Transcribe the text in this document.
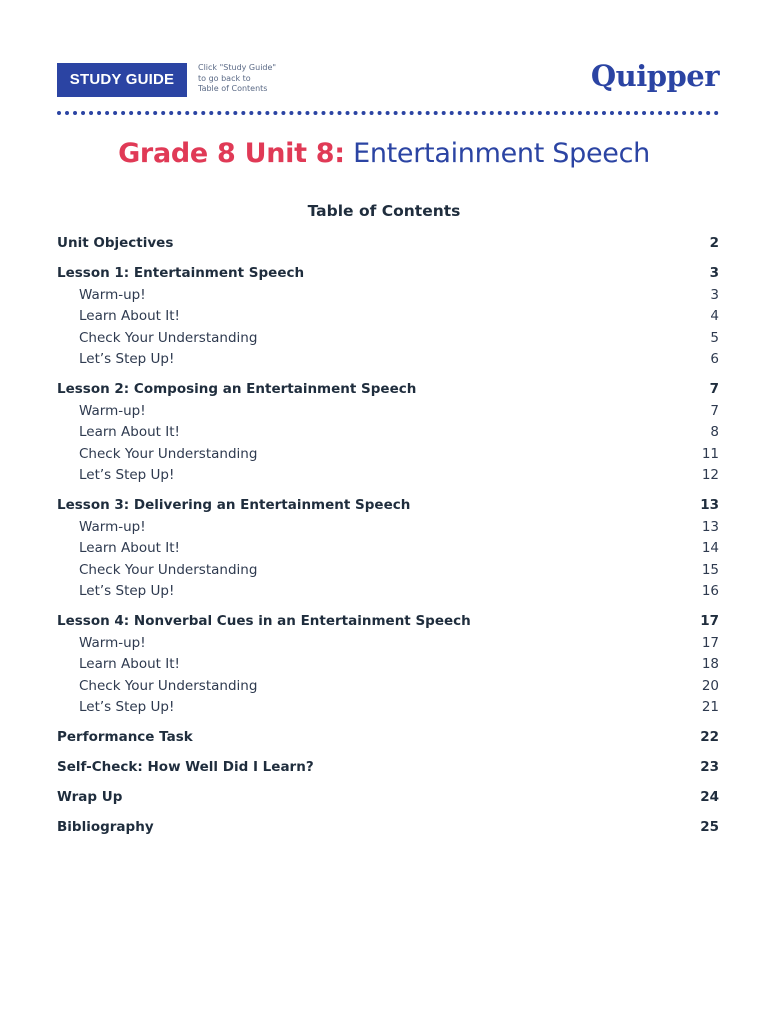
STUDY GUIDE
Click "Study Guide"
to go back to
Table of Contents	Quipper
Grade 8 Unit 8: Entertainment Speech
Table of Contents
Unit Objectives	2
Lesson 1: Entertainment Speech	3
Warm-up!	3
Learn About It!	4
Check Your Understanding	5
Let’s Step Up!	6
Lesson 2: Composing an Entertainment Speech	7
Warm-up!	7
Learn About It!	8
Check Your Understanding	11
Let’s Step Up!	12
Lesson 3: Delivering an Entertainment Speech	13
Warm-up!	13
Learn About It!	14
Check Your Understanding	15
Let’s Step Up!	16
Lesson 4: Nonverbal Cues in an Entertainment Speech	17
Warm-up!	17
Learn About It!	18
Check Your Understanding	20
Let’s Step Up!	21
Performance Task	22
Self-Check: How Well Did I Learn?	23
Wrap Up	24
Bibliography	25
